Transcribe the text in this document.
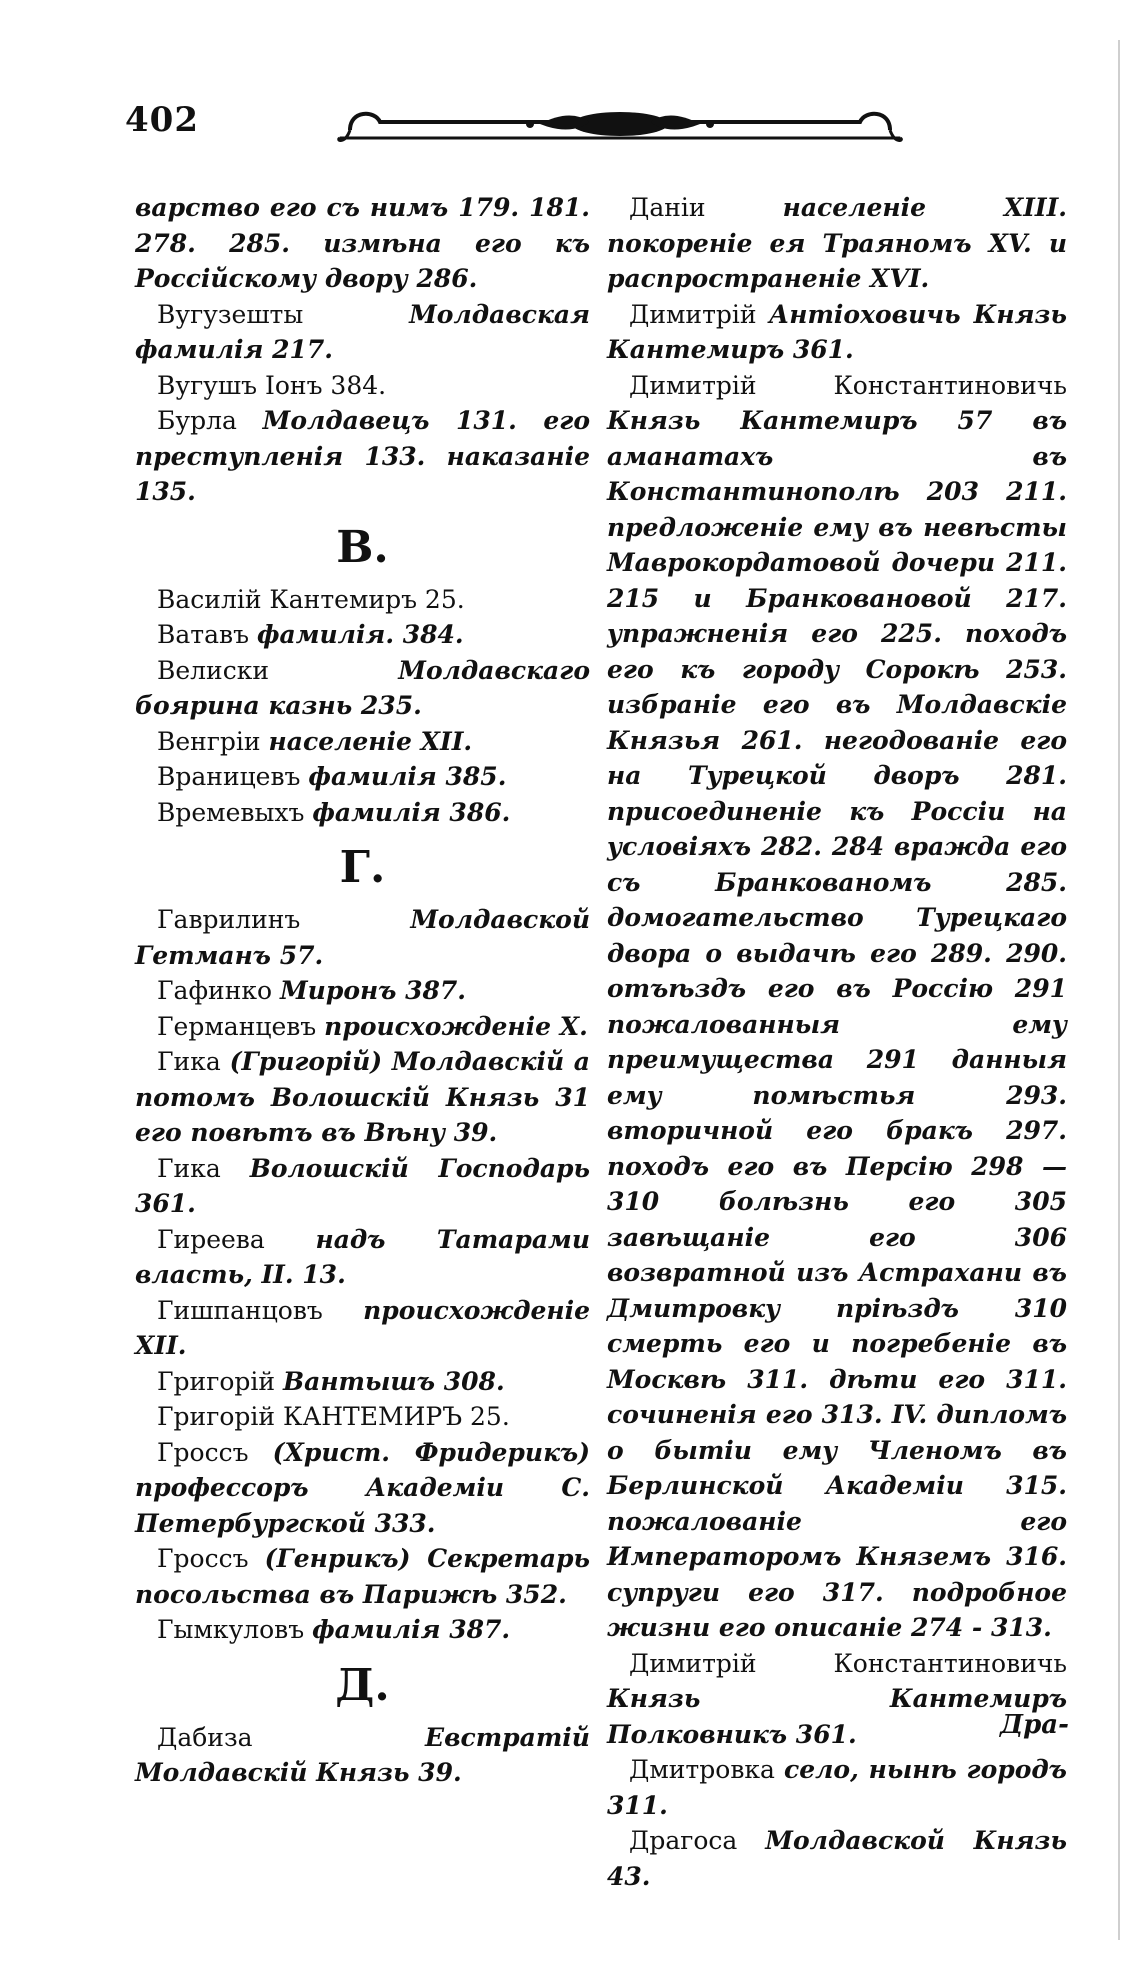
402

варство его съ нимъ 179. 181. 278. 285. измѣна его къ Россійскому двору 286.

Вугузешты	Молдавская фамилія 217.

Вугушъ Іонъ 384.

Бурла Молдавецъ 131. его преступленія 133. наказаніе 135.

В.

Василій Кантемиръ 25.

Ватавъ фамилія. 384.

Велиски	Молдавскаго боярина казнь 235.

Венгріи населеніе XII.

Враницевъ фамилія 385.

Времевыхъ фамилія 386.

Г.

Гаврилинъ	Молдавской Гетманъ 57.

Гафинко Миронъ 387.

Германцевъ происхожденіе X.

Гика (Григорій) Молдавскій а потомъ Волошскій Князь 31 его повѣтъ въ Вѣну 39.

Гика Волошскій Господарь 361.

Гиреева надъ Татарами власть, II. 13.

Гишпанцовъ происхожденіе XII.

Григорій Вантышъ 308.

Григорій КАНТЕМИРЪ 25.

Гроссъ (Христ. Фридерикъ) профессоръ Академіи С. Петербургской 333.

Гроссъ (Генрикъ) Секретарь посольства въ Парижѣ 352.

Гымкуловъ фамилія 387.

Д.

Дабиза	Евстратій Молдавскій Князь 39.

Даніи	населеніе XIII. покореніе ея Траяномъ XV. и распространеніе XVI.

Димитрій Антіоховичь Князь Кантемиръ 361.

Димитрій Константиновичь Князь Кантемиръ 57 въ аманатахъ въ Константинополѣ 203 211. предложеніе ему въ невѣсты Маврокордатовой дочери 211. 215 и Бранковановой 217. упражненія его 225. походъ его къ городу Сорокѣ 253. избраніе его въ Молдавскіе Князья 261. негодованіе его на Турецкой дворъ 281. присоединеніе къ Россіи на условіяхъ 282. 284 вражда его съ Бранкованомъ 285. домогательство Турецкаго двора о выдачѣ его 289. 290. отъѣздъ его въ Россію 291 пожалованныя ему преимущества 291 данныя ему помѣстья 293. вторичной его бракъ 297. походъ его въ Персію 298 — 310 болѣзнь его 305 завѣщаніе его 306 возвратной изъ Астрахани въ Дмитровку пріѣздъ 310 смерть его и погребеніе въ Москвѣ 311. дѣти его 311. сочиненія его 313. IV. дипломъ о бытіи ему Членомъ въ Берлинской Академіи 315. пожалованіе его Императоромъ Княземъ 316. супруги его 317. подробное жизни его описаніе 274 - 313.

Димитрій Константиновичь Князь Кантемиръ Полковникъ 361.

Дмитровка село, нынѣ городъ 311.

Драгоса Молдавской Князь 43.

Дра-
